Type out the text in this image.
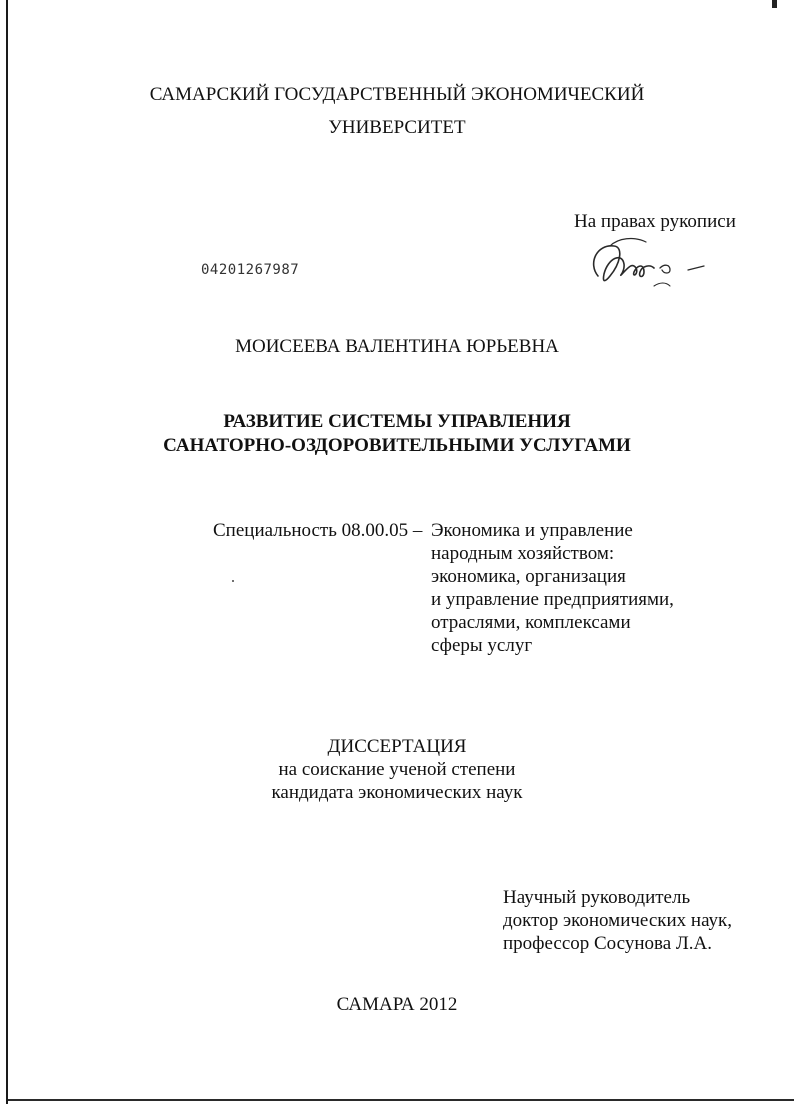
САМАРСКИЙ ГОСУДАРСТВЕННЫЙ ЭКОНОМИЧЕСКИЙ
УНИВЕРСИТЕТ
На правах рукописи
04201267987
МОИСЕЕВА ВАЛЕНТИНА ЮРЬЕВНА
РАЗВИТИЕ СИСТЕМЫ УПРАВЛЕНИЯ
САНАТОРНО-ОЗДОРОВИТЕЛЬНЫМИ УСЛУГАМИ
Специальность 08.00.05 – Экономика и управление
народным хозяйством:
экономика, организация
и управление предприятиями,
отраслями, комплексами
сферы услуг
ДИССЕРТАЦИЯ
на соискание ученой степени
кандидата экономических наук
Научный руководитель
доктор экономических наук,
профессор Сосунова Л.А.
САМАРА 2012
